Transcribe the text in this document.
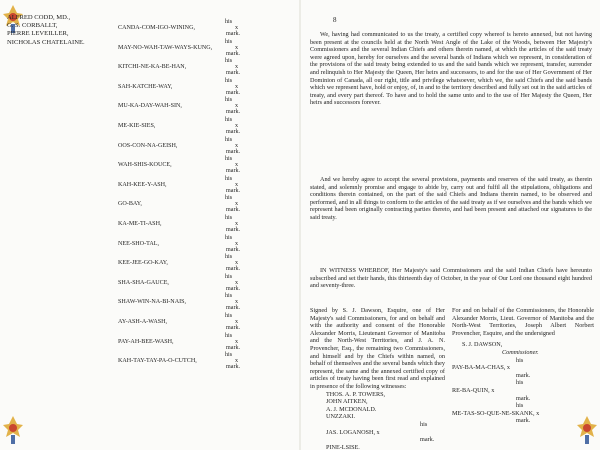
ALFRED CODD, MD.,
G. S. CORBALLT,
PIERRE LEVEILLER,
NICHOLAS CHATELAINE.
his
CANDA-COM-IGO-WINING,	x
mark.
his
MAY-NO-WAH-TAW-WAYS-KUNG,	x
mark.
his
KITCHI-NE-KA-BE-HAN,	x
mark.
his
SAH-KATCHE-WAY,	x
mark.
his
MU-KA-DAY-WAH-SIN,	x
mark.
his
ME-KIE-SIES,	x
mark.
his
OOS-CON-NA-GEISH,	x
mark.
his
WAH-SHIS-KOUCE,	x
mark.
his
KAH-KEE-Y-ASH,	x
mark.
his
GO-BAY,	x
mark.
his
KA-ME-TI-ASH,	x
mark.
his
NEE-SHO-TAL,	x
mark.
his
KEE-JEE-GO-KAY,	x
mark.
his
SHA-SHA-GAUCE,	x
mark.
his
SHAW-WIN-NA-BI-NAIS,	x
mark.
his
AY-ASH-A-WASH,	x
mark.
his
PAY-AH-BEE-WASH,	x
mark.
his
KAH-TAY-TAY-PA-O-CUTCH,	x
mark.
8
We, having had communicated to us the treaty, a certified copy whereof is hereto annexed, but not having been present at the councils held at the North West Angle of the Lake of the Woods, between Her Majesty's Commissioners and the several Indian Chiefs and others therein named, at which the articles of the said treaty were agreed upon, hereby for ourselves and the several bands of Indians which we represent, in consideration of the provisions of the said treaty being extended to us and the said bands which we represent, transfer, surrender and relinquish to Her Majesty the Queen, Her heirs and successors, to and for the use of Her Government of Her Dominion of Canada, all our right, title and privilege whatsoever, which we, the said Chiefs and the said bands which we represent have, hold or enjoy, of, in and to the territory described and fully set out in the said articles of treaty, and every part thereof. To have and to hold the same unto and to the use of Her Majesty the Queen, Her heirs and successors forever.
And we hereby agree to accept the several provisions, payments and reserves of the said treaty, as therein stated, and solemnly promise and engage to abide by, carry out and fulfil all the stipulations, obligations and conditions therein contained, on the part of the said Chiefs and Indians therein named, to be observed and performed, and in all things to conform to the articles of the said treaty as if we ourselves and the bands which we represent had been originally contracting parties thereto, and had been present and attached our signatures to the said treaty.
IN WITNESS WHEREOF, Her Majesty's said Commissioners and the said Indian Chiefs have hereunto subscribed and set their hands, this thirteenth day of October, in the year of Our Lord one thousand eight hundred and seventy-three.
Signed by S. J. Dawson, Esquire, one of Her Majesty's said Commissioners, for and on behalf and with the authority and consent of the Honorable Alexander Morris, Lieutenant Governor of Manitoba and the North-West Territories, and J. A. N. Provencher, Esq., the remaining two Commissioners, and himself and by the Chiefs within named, on behalf of themselves and the several bands which they represent, the same and the annexed certified copy of articles of treaty having been first read and explained in presence of the following witnesses:
THOS. A. P. TOWERS,
JOHN AITKEN,
A. J. MCDONALD.
UNZZAKI.
his
JAS. LOGANOSH, x
mark.
PINE-LSISE.
For and on behalf of the Commissioners, the Honorable Alexander Morris, Lieut. Governor of Manitoba and the North-West Territories, Joseph Albert Norbert Provencher, Esquire, and the undersigned
S. J. DAWSON,
Commissioner.
his
PAY-BA-MA-CHAS, x
mark.
his
RE-BA-QUIN, x
mark.
his
ME-TAS-SO-QUE-NE-SKANK, x
mark.
